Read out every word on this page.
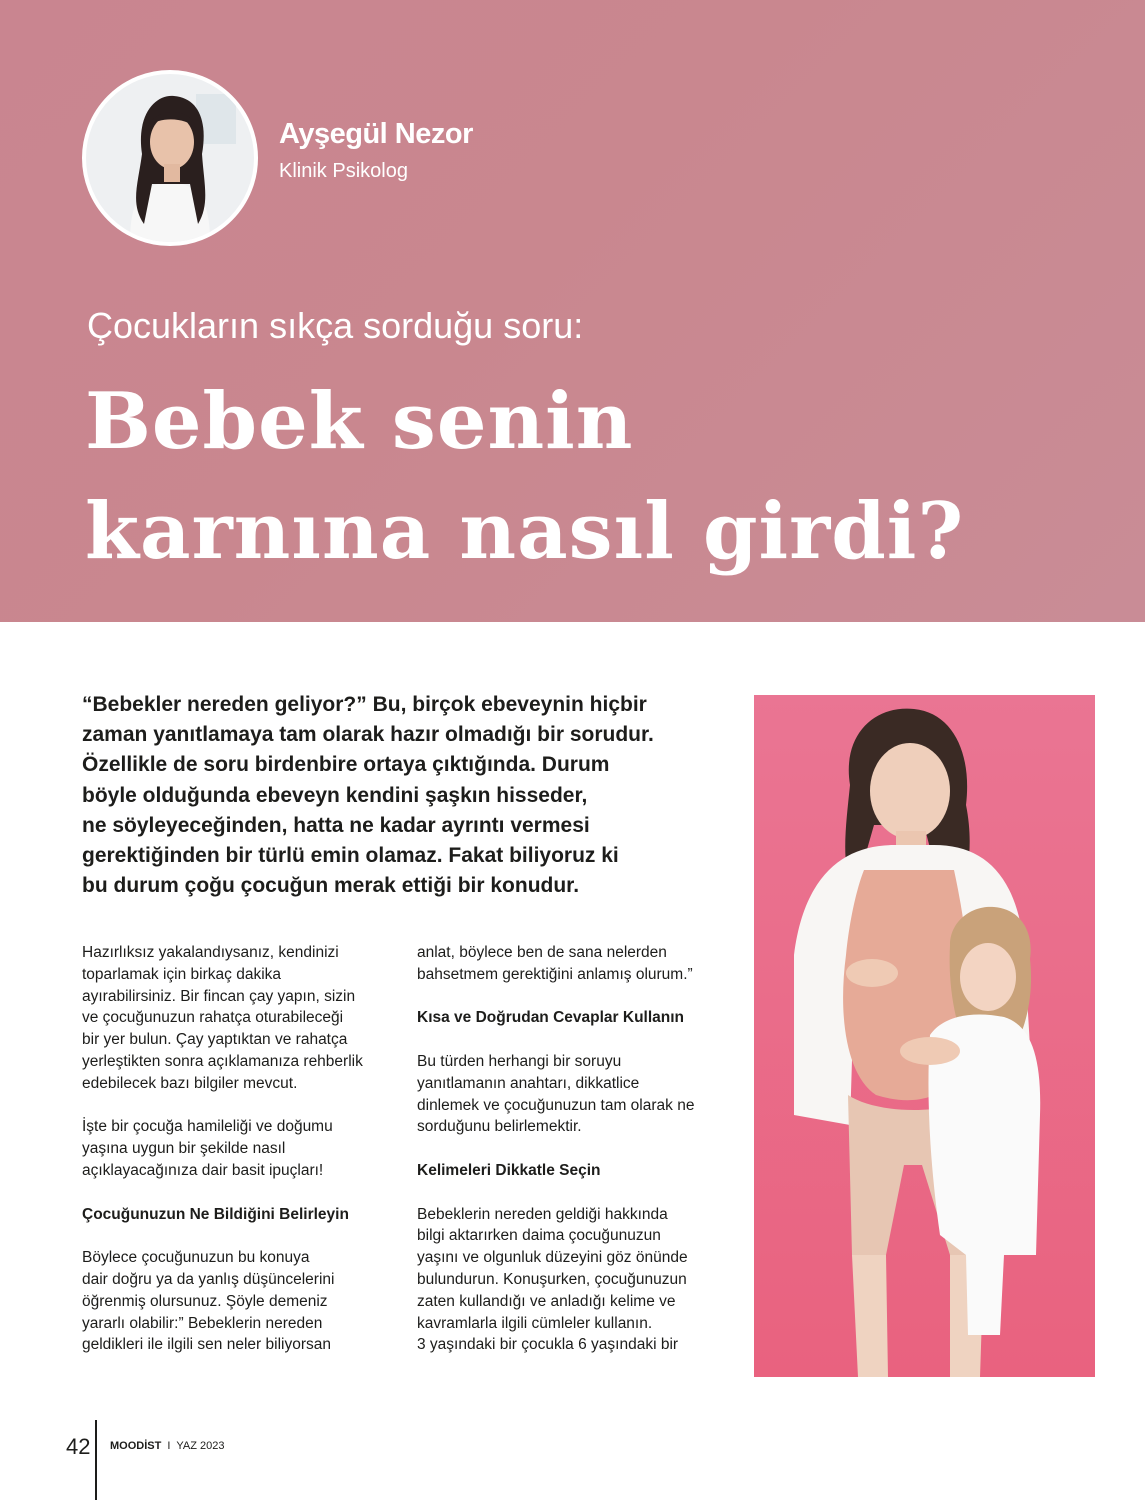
Ayşegül Nezor
Klinik Psikolog
Çocukların sıkça sorduğu soru:
Bebek senin
karnına nasıl girdi?
“Bebekler nereden geliyor?” Bu, birçok ebeveynin hiçbir
zaman yanıtlamaya tam olarak hazır olmadığı bir sorudur.
Özellikle de soru birdenbire ortaya çıktığında. Durum
böyle olduğunda ebeveyn kendini şaşkın hisseder,
ne söyleyeceğinden, hatta ne kadar ayrıntı vermesi
gerektiğinden bir türlü emin olamaz. Fakat biliyoruz ki
bu durum çoğu çocuğun merak ettiği bir konudur.

Hazırlıksız yakalandıysanız, kendinizi
toparlamak için birkaç dakika
ayırabilirsiniz. Bir fincan çay yapın, sizin
ve çocuğunuzun rahatça oturabileceği
bir yer bulun. Çay yaptıktan ve rahatça
yerleştikten sonra açıklamanıza rehberlik
edebilecek bazı bilgiler mevcut.

İşte bir çocuğa hamileliği ve doğumu
yaşına uygun bir şekilde nasıl
açıklayacağınıza dair basit ipuçları!

Çocuğunuzun Ne Bildiğini Belirleyin

Böylece çocuğunuzun bu konuya
dair doğru ya da yanlış düşüncelerini
öğrenmiş olursunuz. Şöyle demeniz
yararlı olabilir:” Bebeklerin nereden
geldikleri ile ilgili sen neler biliyorsan

anlat, böylece ben de sana nelerden
bahsetmem gerektiğini anlamış olurum.”

Kısa ve Doğrudan Cevaplar Kullanın

Bu türden herhangi bir soruyu
yanıtlamanın anahtarı, dikkatlice
dinlemek ve çocuğunuzun tam olarak ne
sorduğunu belirlemektir.

Kelimeleri Dikkatle Seçin

Bebeklerin nereden geldiği hakkında
bilgi aktarırken daima çocuğunuzun
yaşını ve olgunluk düzeyini göz önünde
bulundurun. Konuşurken, çocuğunuzun
zaten kullandığı ve anladığı kelime ve
kavramlarla ilgili cümleler kullanın.
3 yaşındaki bir çocukla 6 yaşındaki bir

42 MOODİST I YAZ 2023
